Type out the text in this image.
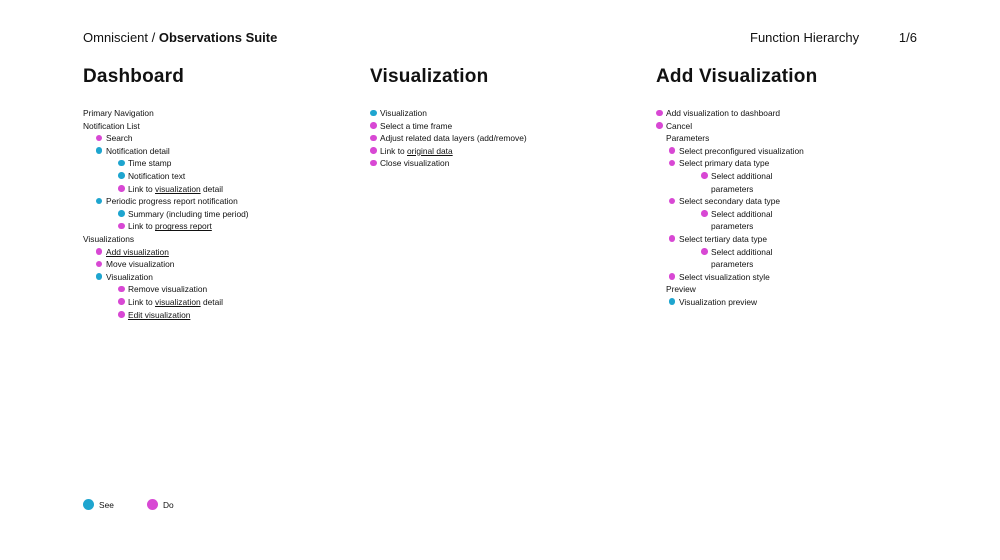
Omniscient / Observations Suite	Function Hierarchy	1/6
Dashboard
Primary Navigation
Notification List
Search
Notification detail
Time stamp
Notification text
Link to visualization detail
Periodic progress report notification
Summary (including time period)
Link to progress report
Visualizations
Add visualization
Move visualization
Visualization
Remove visualization
Link to visualization detail
Edit visualization
Visualization
Visualization
Select a time frame
Adjust related data layers (add/remove)
Link to original data
Close visualization
Add Visualization
Add visualization to dashboard
Cancel
Parameters
Select preconfigured visualization
Select primary data type
Select additional parameters
Select secondary data type
Select additional parameters
Select tertiary data type
Select additional parameters
Select visualization style
Preview
Visualization preview
See	Do
